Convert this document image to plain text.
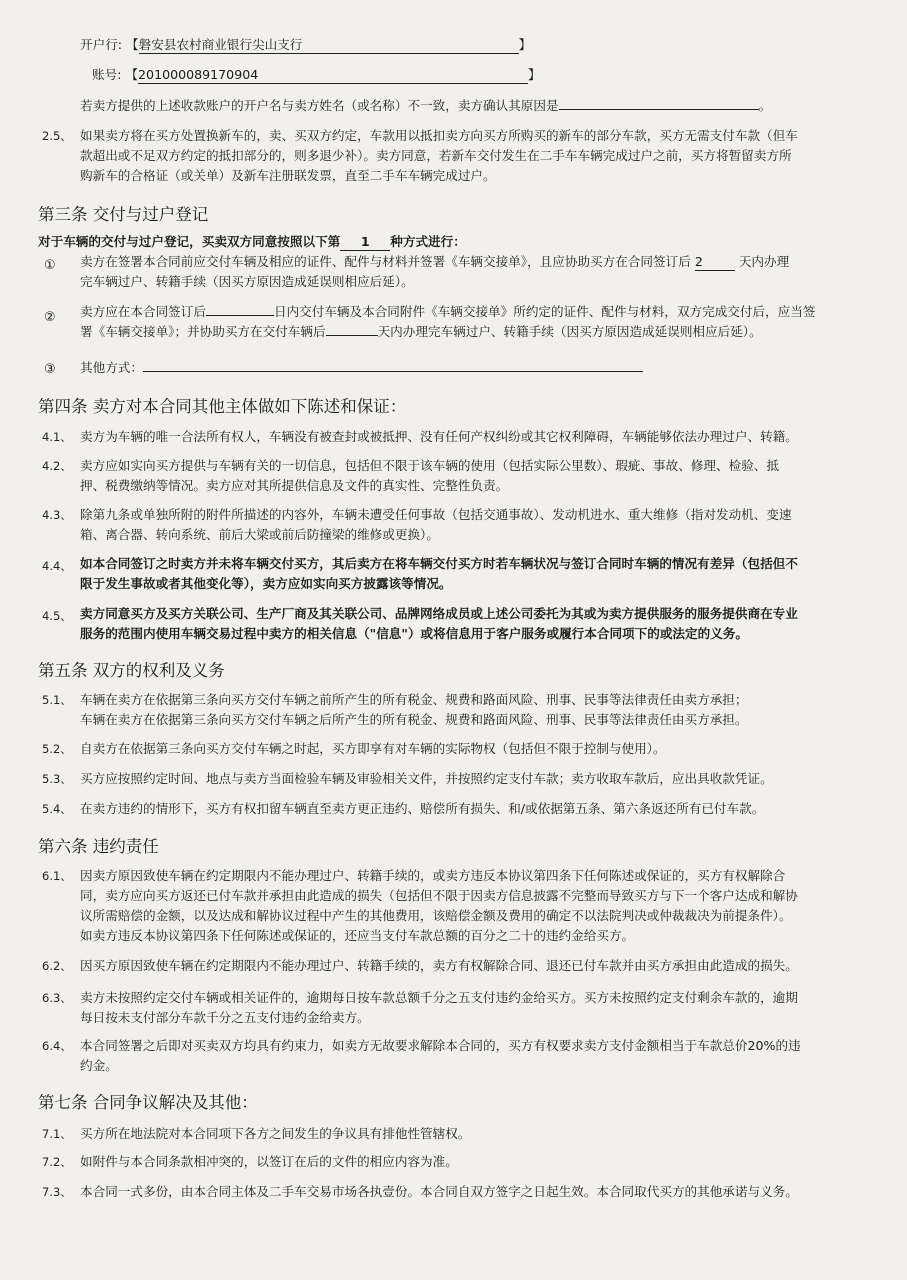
开户行: 【磐安县农村商业银行尖山支行	】
账号: 【201000089170904	】
若卖方提供的上述收款账户的开户名与卖方姓名（或名称）不一致，卖方确认其原因是	。
2.5、 如果卖方将在买方处置换新车的，卖、买双方约定，车款用以抵扣卖方向买方所购买的新车的部分车款，买方无需支付车款（但车
款超出或不足双方约定的抵扣部分的，则多退少补）。卖方同意，若新车交付发生在二手车车辆完成过户之前，买方将暂留卖方所
购新车的合格证（或关单）及新车注册联发票，直至二手车车辆完成过户。
第三条 交付与过户登记
对于车辆的交付与过户登记，买卖双方同意按照以下第 1 种方式进行：
① 卖方在签署本合同前应交付车辆及相应的证件、配件与材料并签署《车辆交接单》，且应协助买方在合同签订后 2	天内办理
完车辆过户、转籍手续（因买方原因造成延误则相应后延）。
② 卖方应在本合同签订后	日内交付车辆及本合同附件《车辆交接单》所约定的证件、配件与材料，双方完成交付后，应当签
署《车辆交接单》；并协助买方在交付车辆后	天内办理完车辆过户、转籍手续（因买方原因造成延误则相应后延）。
③ 其他方式：
第四条 卖方对本合同其他主体做如下陈述和保证：
4.1、 卖方为车辆的唯一合法所有权人，车辆没有被查封或被抵押、没有任何产权纠纷或其它权利障碍，车辆能够依法办理过户、转籍。
4.2、 卖方应如实向买方提供与车辆有关的一切信息，包括但不限于该车辆的使用（包括实际公里数）、瑕疵、事故、修理、检验、抵
押、税费缴纳等情况。卖方应对其所提供信息及文件的真实性、完整性负责。
4.3、 除第九条或单独所附的附件所描述的内容外，车辆未遭受任何事故（包括交通事故）、发动机进水、重大维修（指对发动机、变速
箱、离合器、转向系统、前后大梁或前后防撞梁的维修或更换）。
4.4、 如本合同签订之时卖方并未将车辆交付买方，其后卖方在将车辆交付买方时若车辆状况与签订合同时车辆的情况有差异（包括但不
限于发生事故或者其他变化等），卖方应如实向买方披露该等情况。
4.5、 卖方同意买方及买方关联公司、生产厂商及其关联公司、品牌网络成员或上述公司委托为其或为卖方提供服务的服务提供商在专业
服务的范围内使用车辆交易过程中卖方的相关信息（"信息"）或将信息用于客户服务或履行本合同项下的或法定的义务。
第五条 双方的权利及义务
5.1、 车辆在卖方在依据第三条向买方交付车辆之前所产生的所有税金、规费和路面风险、刑事、民事等法律责任由卖方承担；
车辆在卖方在依据第三条向买方交付车辆之后所产生的所有税金、规费和路面风险、刑事、民事等法律责任由买方承担。
5.2、 自卖方在依据第三条向买方交付车辆之时起，买方即享有对车辆的实际物权（包括但不限于控制与使用）。
5.3、 买方应按照约定时间、地点与卖方当面检验车辆及审验相关文件，并按照约定支付车款；卖方收取车款后，应出具收款凭证。
5.4、 在卖方违约的情形下，买方有权扣留车辆直至卖方更正违约、赔偿所有损失、和/或依据第五条、第六条返还所有已付车款。
第六条 违约责任
6.1、 因卖方原因致使车辆在约定期限内不能办理过户、转籍手续的，或卖方违反本协议第四条下任何陈述或保证的，买方有权解除合
同，卖方应向买方返还已付车款并承担由此造成的损失（包括但不限于因卖方信息披露不完整而导致买方与下一个客户达成和解协
议所需赔偿的金额，以及达成和解协议过程中产生的其他费用，该赔偿金额及费用的确定不以法院判决或仲裁裁决为前提条件）。
如卖方违反本协议第四条下任何陈述或保证的，还应当支付车款总额的百分之二十的违约金给买方。
6.2、 因买方原因致使车辆在约定期限内不能办理过户、转籍手续的，卖方有权解除合同、退还已付车款并由买方承担由此造成的损失。
6.3、 卖方未按照约定交付车辆或相关证件的，逾期每日按车款总额千分之五支付违约金给买方。买方未按照约定支付剩余车款的，逾期
每日按未支付部分车款千分之五支付违约金给卖方。
6.4、 本合同签署之后即对买卖双方均具有约束力，如卖方无故要求解除本合同的，买方有权要求卖方支付金额相当于车款总价20%的违
约金。
第七条 合同争议解决及其他：
7.1、 买方所在地法院对本合同项下各方之间发生的争议具有排他性管辖权。
7.2、 如附件与本合同条款相冲突的，以签订在后的文件的相应内容为准。
7.3、 本合同一式多份，由本合同主体及二手车交易市场各执壹份。本合同自双方签字之日起生效。本合同取代买方的其他承诺与义务。
